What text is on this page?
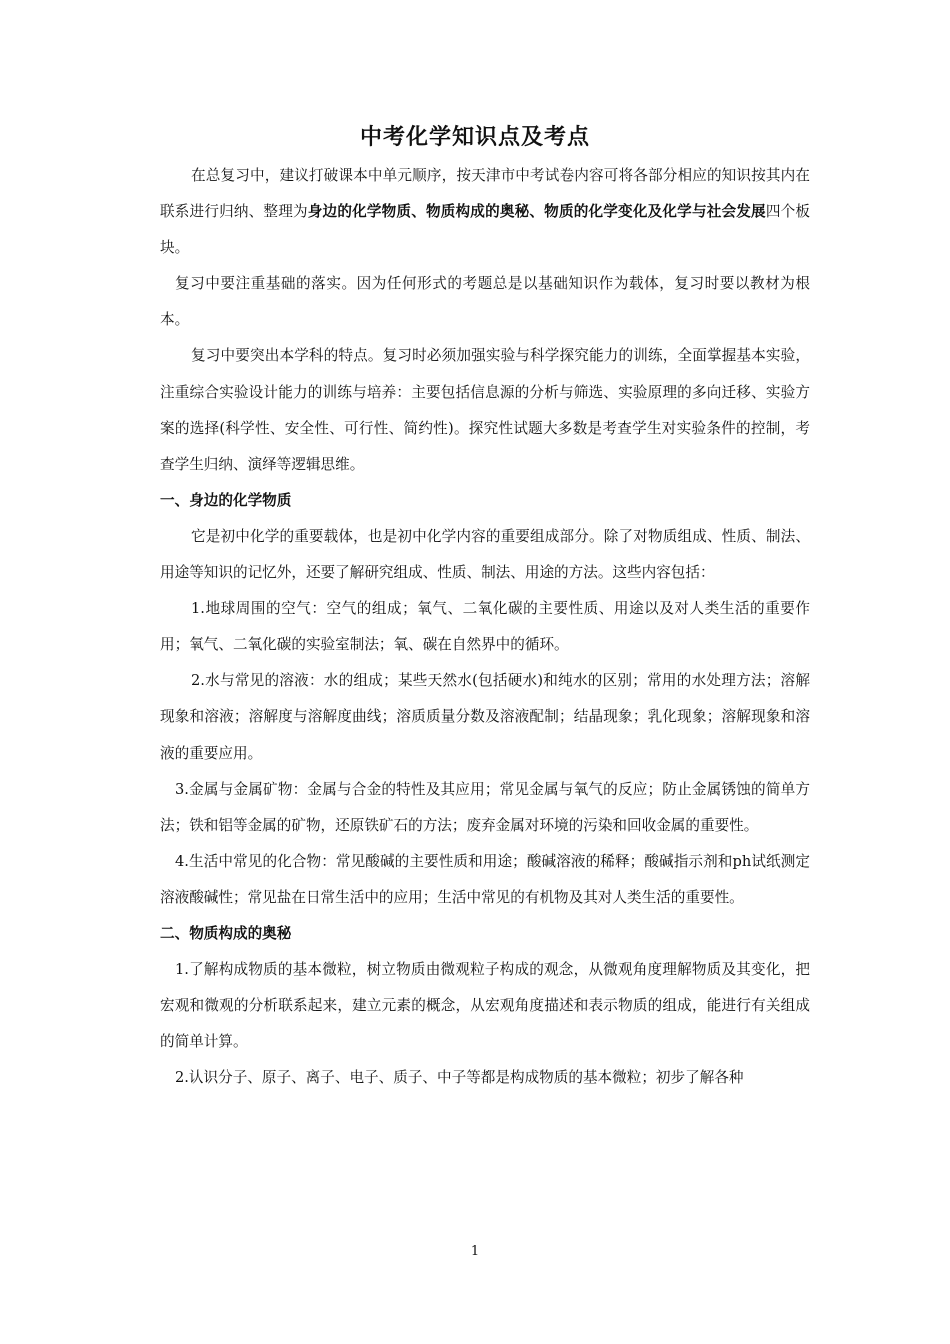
中考化学知识点及考点

在总复习中，建议打破课本中单元顺序，按天津市中考试卷内容可将各部分相应的知识按其内在联系进行归纳、整理为身边的化学物质、物质构成的奥秘、物质的化学变化及化学与社会发展四个板块。

复习中要注重基础的落实。因为任何形式的考题总是以基础知识作为载体，复习时要以教材为根本。

复习中要突出本学科的特点。复习时必须加强实验与科学探究能力的训练，全面掌握基本实验，注重综合实验设计能力的训练与培养：主要包括信息源的分析与筛选、实验原理的多向迁移、实验方案的选择(科学性、安全性、可行性、简约性)。探究性试题大多数是考查学生对实验条件的控制，考查学生归纳、演绎等逻辑思维。

一、身边的化学物质

它是初中化学的重要载体，也是初中化学内容的重要组成部分。除了对物质组成、性质、制法、用途等知识的记忆外，还要了解研究组成、性质、制法、用途的方法。这些内容包括：

1.地球周围的空气：空气的组成；氧气、二氧化碳的主要性质、用途以及对人类生活的重要作用；氧气、二氧化碳的实验室制法；氧、碳在自然界中的循环。

2.水与常见的溶液：水的组成；某些天然水(包括硬水)和纯水的区别；常用的水处理方法；溶解现象和溶液；溶解度与溶解度曲线；溶质质量分数及溶液配制；结晶现象；乳化现象；溶解现象和溶液的重要应用。

3.金属与金属矿物：金属与合金的特性及其应用；常见金属与氧气的反应；防止金属锈蚀的简单方法；铁和铝等金属的矿物，还原铁矿石的方法；废弃金属对环境的污染和回收金属的重要性。

4.生活中常见的化合物：常见酸碱的主要性质和用途；酸碱溶液的稀释；酸碱指示剂和ph试纸测定溶液酸碱性；常见盐在日常生活中的应用；生活中常见的有机物及其对人类生活的重要性。

二、物质构成的奥秘

1.了解构成物质的基本微粒，树立物质由微观粒子构成的观念，从微观角度理解物质及其变化，把宏观和微观的分析联系起来，建立元素的概念，从宏观角度描述和表示物质的组成，能进行有关组成的简单计算。

2.认识分子、原子、离子、电子、质子、中子等都是构成物质的基本微粒；初步了解各种

1
